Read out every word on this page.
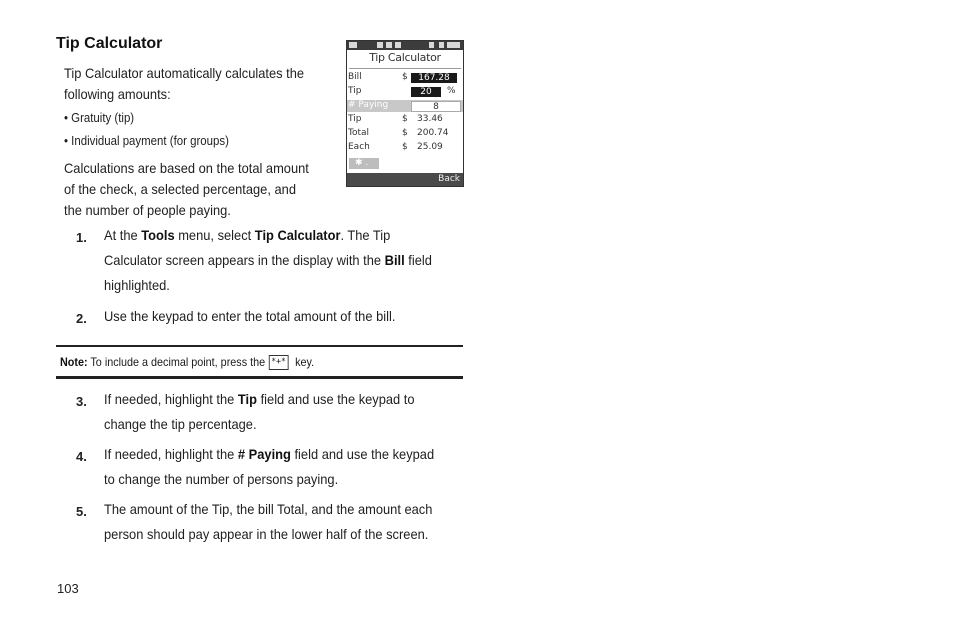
Tip Calculator
Tip Calculator automatically calculates the
following amounts:
• Gratuity (tip)
• Individual payment (for groups)
Calculations are based on the total amount
of the check, a selected percentage, and
the number of people paying.
1. At the Tools menu, select Tip Calculator. The Tip
Calculator screen appears in the display with the Bill field
highlighted.
2. Use the keypad to enter the total amount of the bill.
Note: To include a decimal point, press the *+* key.
3. If needed, highlight the Tip field and use the keypad to
change the tip percentage.
4. If needed, highlight the # Paying field and use the keypad
to change the number of persons paying.
5. The amount of the Tip, the bill Total, and the amount each
person should pay appear in the lower half of the screen.
103
Tip Calculator
Bill	$	167.28
Tip	20	%
# Paying	8
Tip	$ 33.46
Total	$ 200.74
Each	$ 25.09
✱ .
Back
